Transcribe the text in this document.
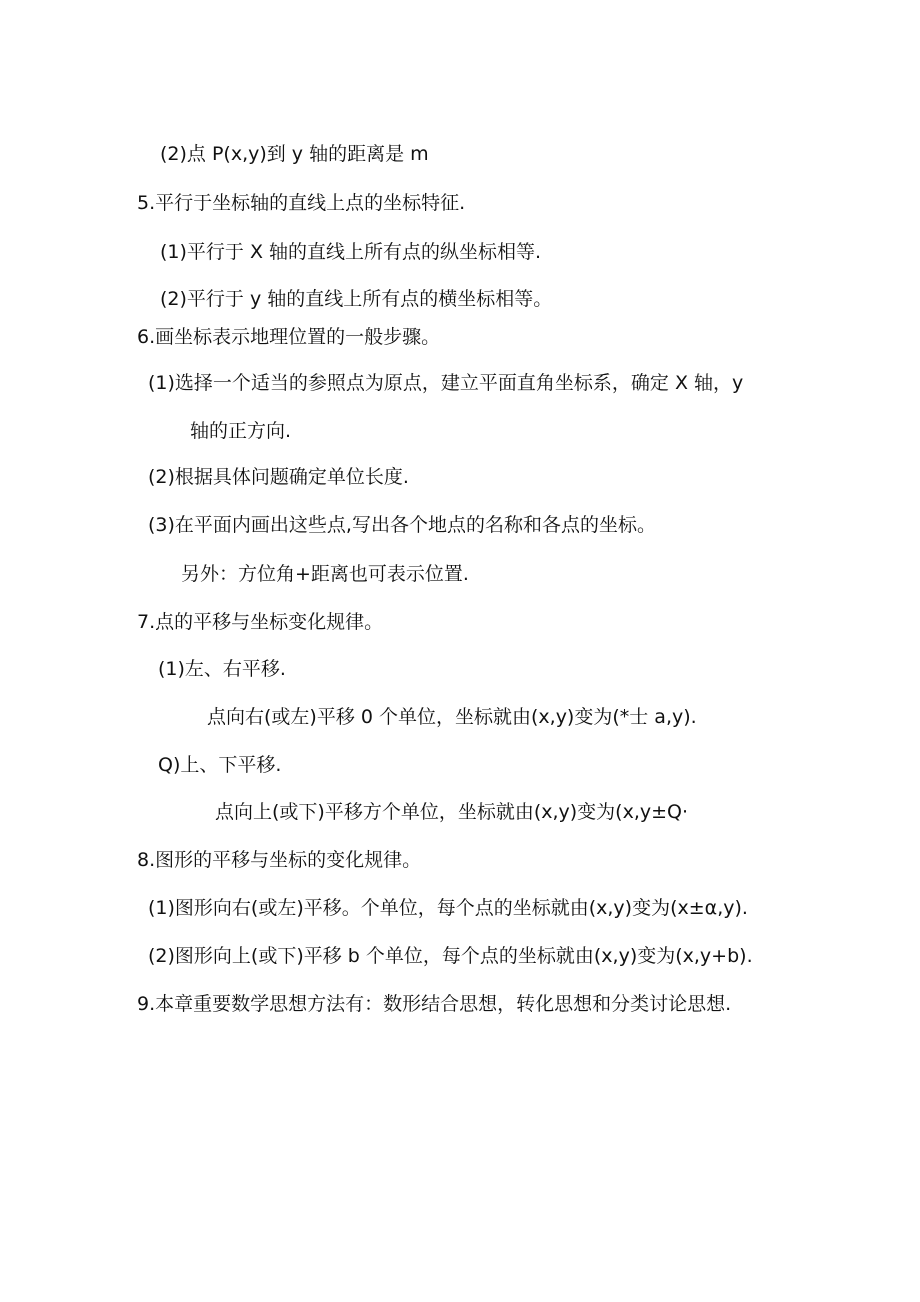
(2)点 P(x,y)到 y 轴的距离是 m
5.平行于坐标轴的直线上点的坐标特征.
(1)平行于 X 轴的直线上所有点的纵坐标相等.
(2)平行于 y 轴的直线上所有点的横坐标相等。
6.画坐标表示地理位置的一般步骤。
(1)选择一个适当的参照点为原点，建立平面直角坐标系，确定 X 轴，y
轴的正方向.
(2)根据具体问题确定单位长度.
(3)在平面内画出这些点,写出各个地点的名称和各点的坐标。
另外：方位角+距离也可表示位置.
7.点的平移与坐标变化规律。
(1)左、右平移.
点向右(或左)平移 0 个单位，坐标就由(x,y)变为(*士 a,y).
Q)上、下平移.
点向上(或下)平移方个单位，坐标就由(x,y)变为(x,y±Q·
8.图形的平移与坐标的变化规律。
(1)图形向右(或左)平移。个单位，每个点的坐标就由(x,y)变为(x±α,y).
(2)图形向上(或下)平移 b 个单位，每个点的坐标就由(x,y)变为(x,y+b).
9.本章重要数学思想方法有：数形结合思想，转化思想和分类讨论思想.
